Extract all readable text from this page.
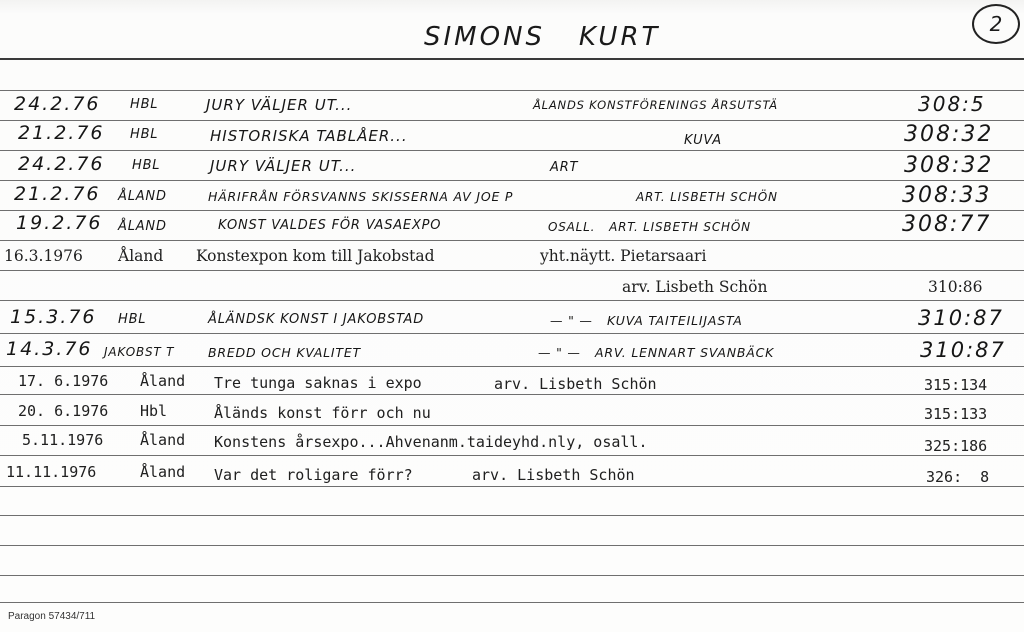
SIMONS   KURT	2
24.2.76 HBL	JURY VÄLJER UT...	ÅLANDS KONSTFÖRENINGS ÅRSUTSTÄ	308:5
21.2.76 HBL	HISTORISKA TABLÅER...	KUVA	308:32
24.2.76 HBL	JURY VÄLJER UT...	ART	308:32
21.2.76 ÅLAND	HÄRIFRÅN FÖRSVANNS SKISSERNA AV JOE P	ART. LISBETH SCHÖN	308:33
19.2.76 ÅLAND	KONST VALDES FÖR VASAEXPO	OSALL.   ART. LISBETH SCHÖN	308:77
16.3.1976 Åland Konstexpon kom till Jakobstad	yht.näytt. Pietarsaari
arv. Lisbeth Schön	310:86
15.3.76 HBL	ÅLÄNDSK KONST I JAKOBSTAD	— " —   KUVA TAITEILIJASTA	310:87
14.3.76 JAKOBST T	BREDD OCH KVALITET	— " —   ARV. LENNART SVANBÄCK	310:87
17. 6.1976 Åland Tre tunga saknas i expo	arv. Lisbeth Schön	315:134
20. 6.1976 Hbl	Åländs konst förr och nu	315:133
5.11.1976 Åland Konstens årsexpo...Ahvenanm.taideyhd.nly, osall.	325:186
11.11.1976	Åland Var det roligare förr?	arv. Lisbeth Schön	326:  8
Paragon 57434/711
